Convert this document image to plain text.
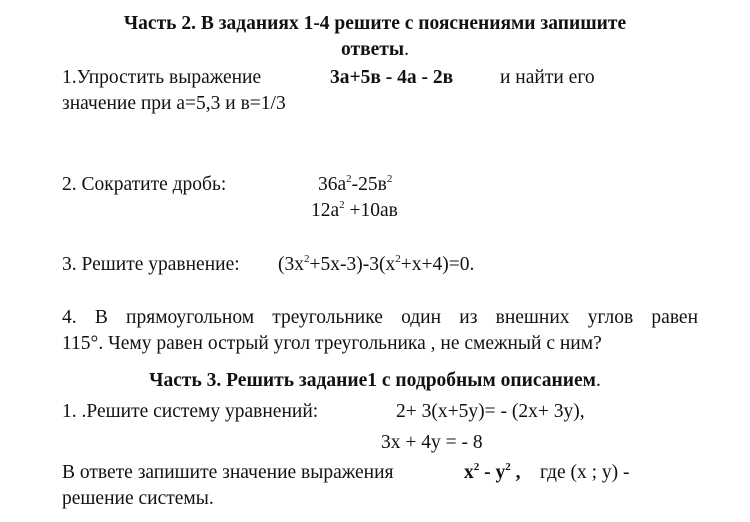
Часть 2. В заданиях 1-4 решите с пояснениями запишите
ответы.
1.Упростить выражение	3а+5в - 4а - 2в и найти его
значение при а=5,3 и в=1/3
2. Сократите дробь:	$36а^2-25в^2$
$12а^2 +10ав$
3. Решите уравнение: $(3х^2+5х-3)-3(х^2+х+4)=0$.
4. В прямоугольном треугольнике один из внешних углов равен
115°. Чему равен острый угол треугольника , не смежный с ним?
Часть 3. Решить задание1 с подробным описанием.
1. .Решите систему уравнений:	2+ 3(х+5у)= - (2х+ 3у),
3х + 4у = - 8
В ответе запишите значение выражения	$х^2 - у^2$ , где (х ; у) -
решение системы.
